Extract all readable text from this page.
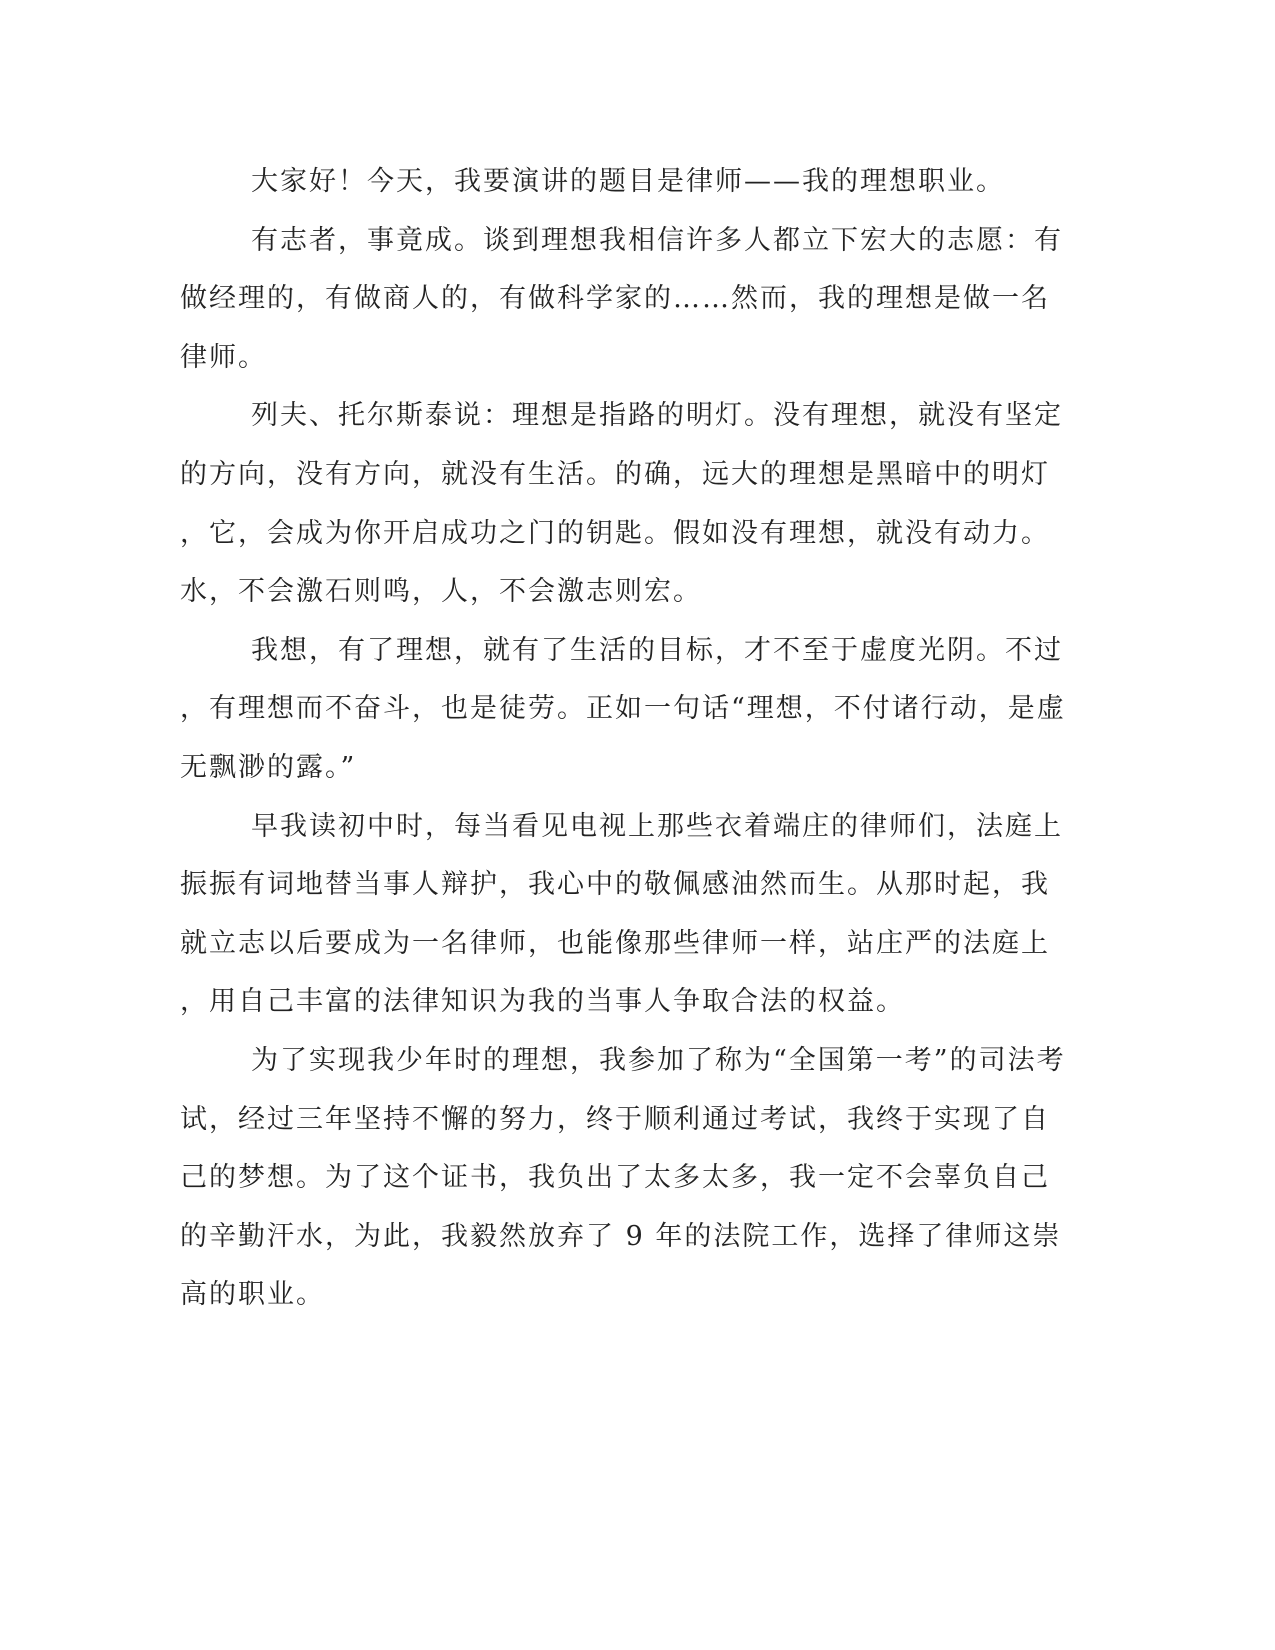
大家好！今天，我要演讲的题目是律师——我的理想职业。
有志者，事竟成。谈到理想我相信许多人都立下宏大的志愿：有
做经理的，有做商人的，有做科学家的……然而，我的理想是做一名
律师。
列夫、托尔斯泰说：理想是指路的明灯。没有理想，就没有坚定
的方向，没有方向，就没有生活。的确，远大的理想是黑暗中的明灯
，它，会成为你开启成功之门的钥匙。假如没有理想，就没有动力。
水，不会激石则鸣，人，不会激志则宏。
我想，有了理想，就有了生活的目标，才不至于虚度光阴。不过
，有理想而不奋斗，也是徒劳。正如一句话“理想，不付诸行动，是虚
无飘渺的露。”
早我读初中时，每当看见电视上那些衣着端庄的律师们，法庭上
振振有词地替当事人辩护，我心中的敬佩感油然而生。从那时起，我
就立志以后要成为一名律师，也能像那些律师一样，站庄严的法庭上
，用自己丰富的法律知识为我的当事人争取合法的权益。
为了实现我少年时的理想，我参加了称为“全国第一考”的司法考
试，经过三年坚持不懈的努力，终于顺利通过考试，我终于实现了自
己的梦想。为了这个证书，我负出了太多太多，我一定不会辜负自己
的辛勤汗水，为此，我毅然放弃了 9 年的法院工作，选择了律师这崇
高的职业。
